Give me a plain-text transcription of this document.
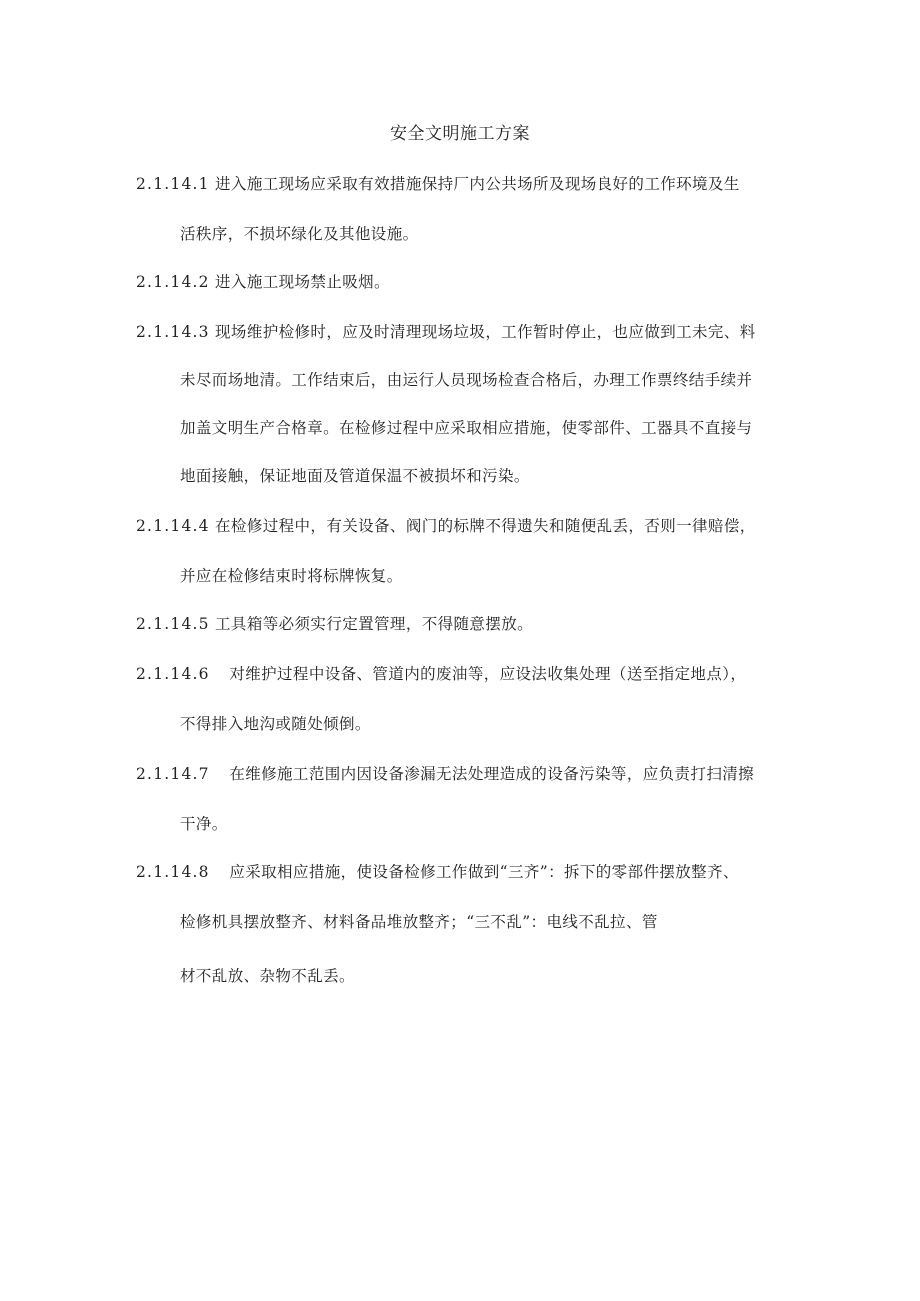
安全文明施工方案
2.1.14.1 进入施工现场应采取有效措施保持厂内公共场所及现场良好的工作环境及生
活秩序，不损坏绿化及其他设施。
2.1.14.2 进入施工现场禁止吸烟。
2.1.14.3 现场维护检修时，应及时清理现场垃圾，工作暂时停止，也应做到工未完、料
未尽而场地清。工作结束后，由运行人员现场检查合格后，办理工作票终结手续并
加盖文明生产合格章。在检修过程中应采取相应措施，使零部件、工器具不直接与
地面接触，保证地面及管道保温不被损坏和污染。
2.1.14.4 在检修过程中，有关设备、阀门的标牌不得遗失和随便乱丢，否则一律赔偿，
并应在检修结束时将标牌恢复。
2.1.14.5 工具箱等必须实行定置管理，不得随意摆放。
2.1.14.6 对维护过程中设备、管道内的废油等，应设法收集处理（送至指定地点），
不得排入地沟或随处倾倒。
2.1.14.7 在维修施工范围内因设备渗漏无法处理造成的设备污染等，应负责打扫清擦
干净。
2.1.14.8 应采取相应措施，使设备检修工作做到“三齐”：拆下的零部件摆放整齐、
检修机具摆放整齐、材料备品堆放整齐；“三不乱”：电线不乱拉、管
材不乱放、杂物不乱丢。
